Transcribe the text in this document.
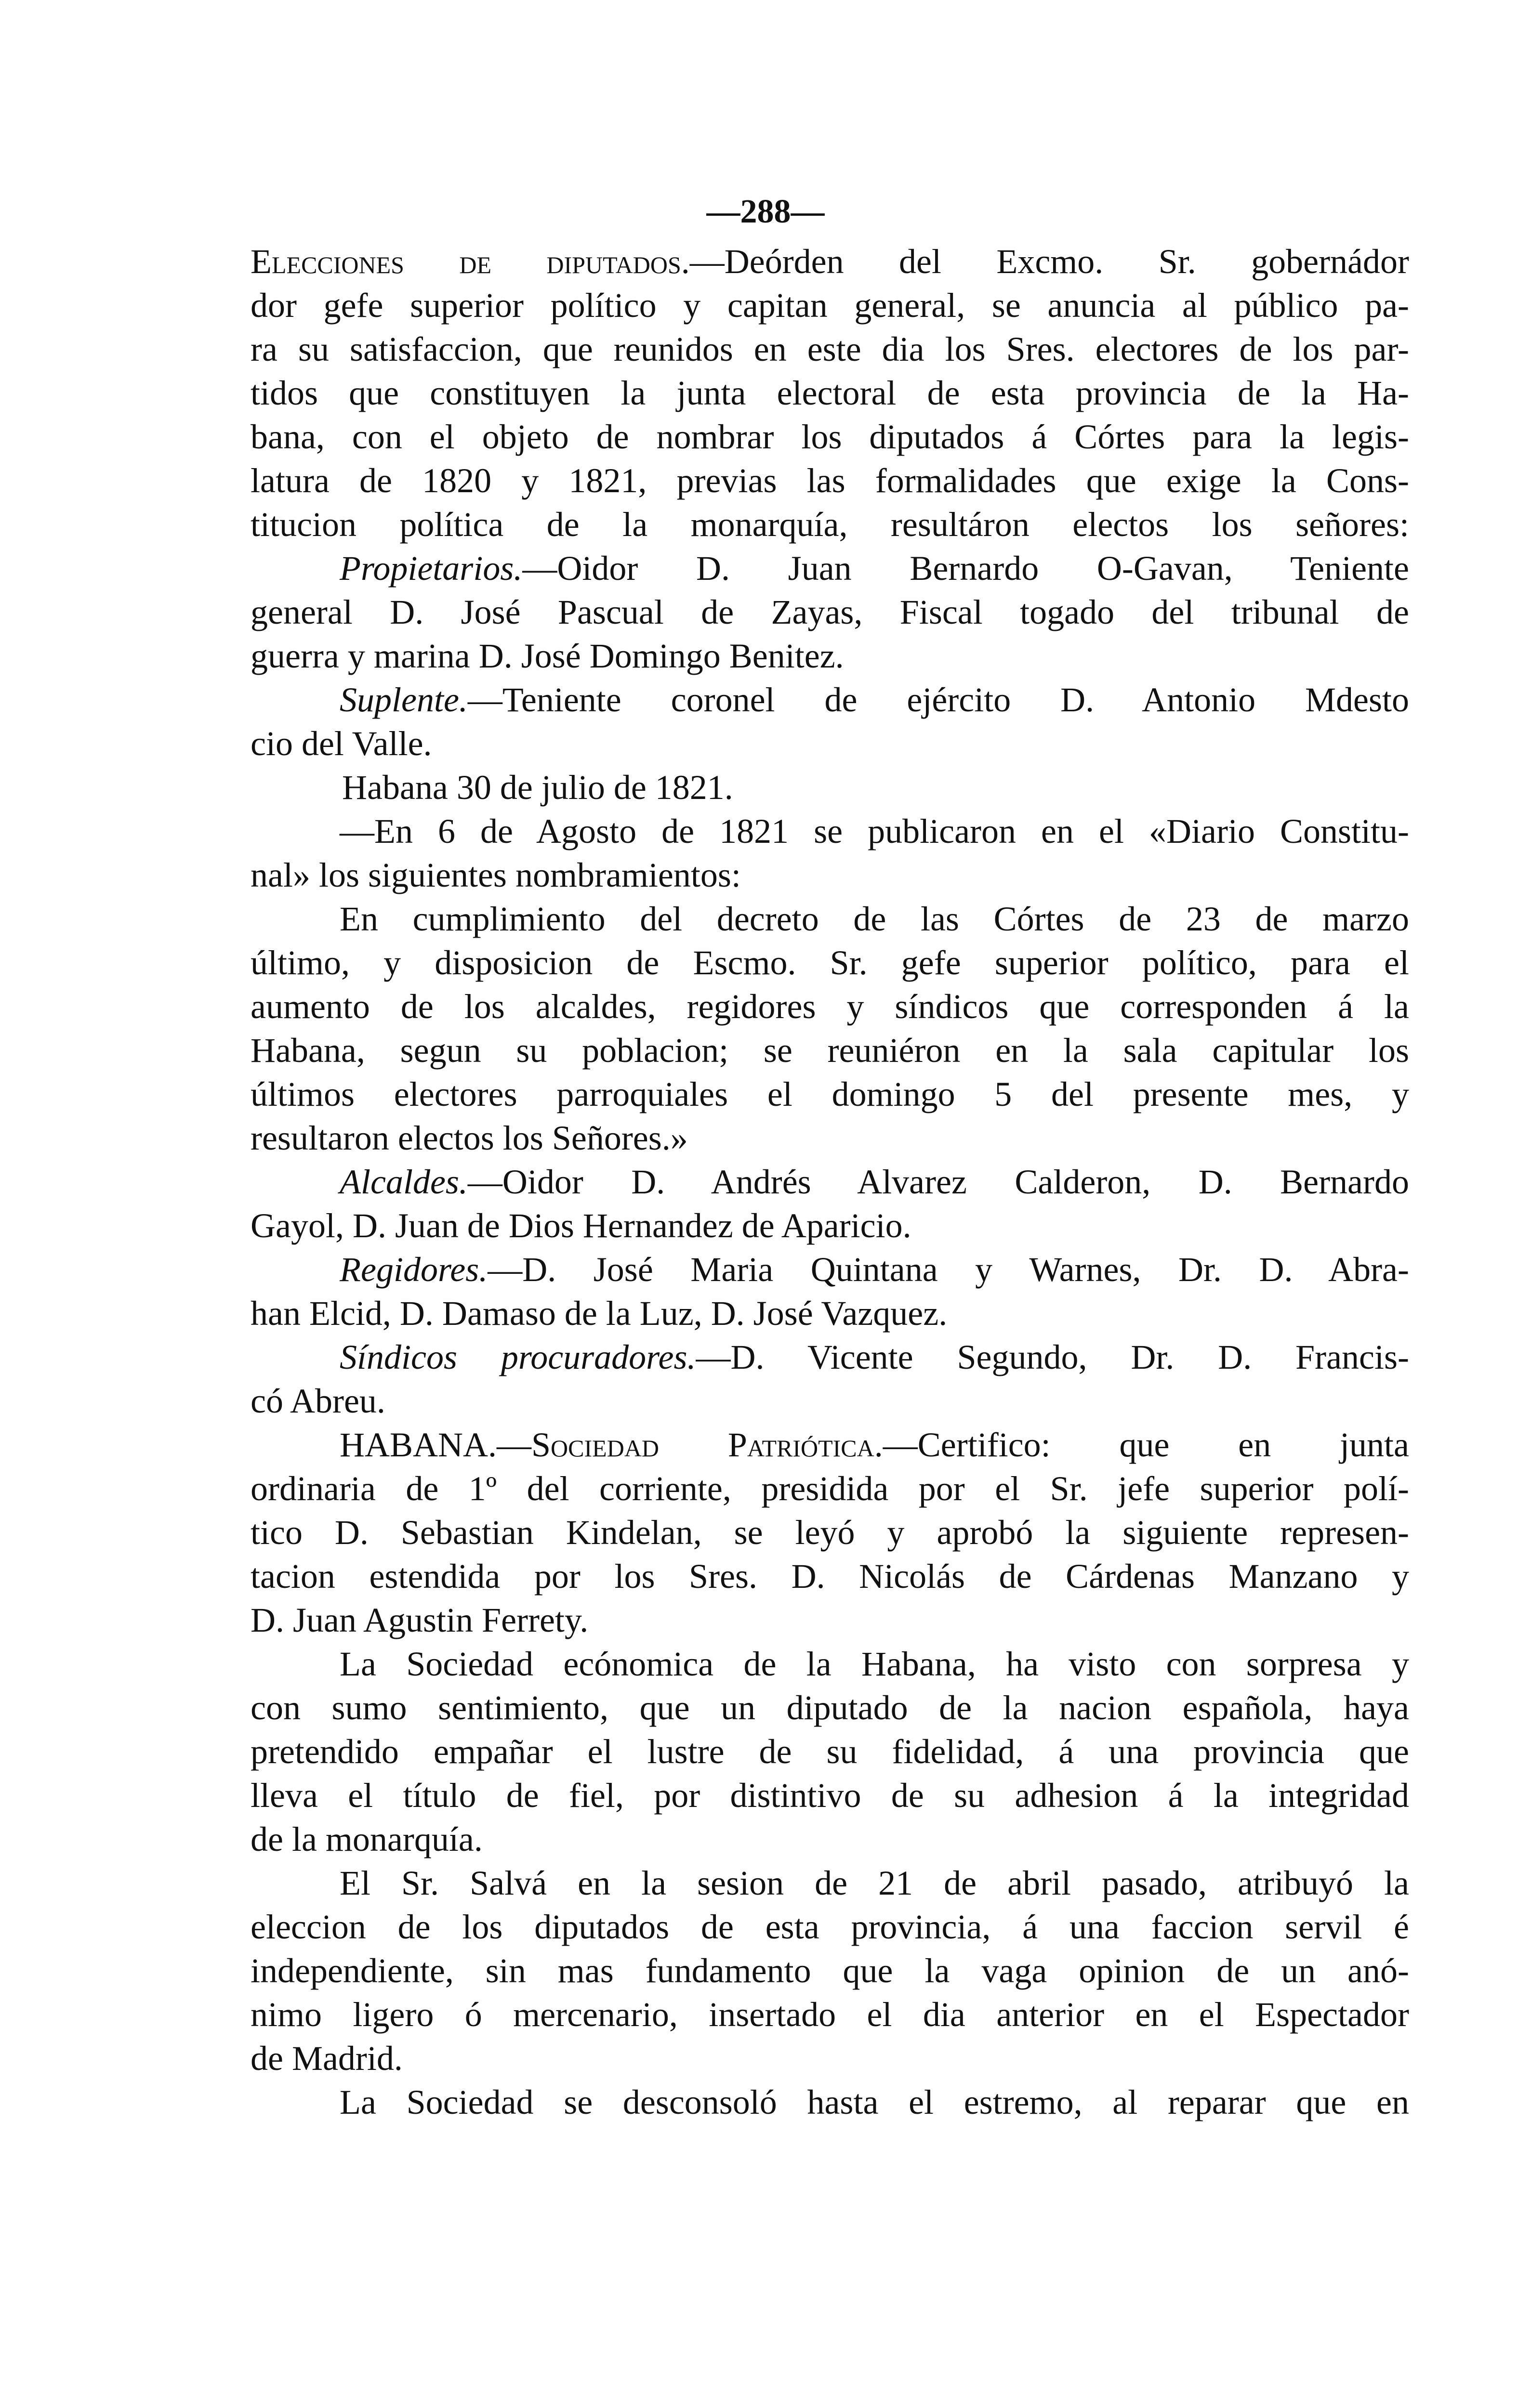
—288—
Elecciones de diputados.—Deórden del Excmo. Sr. gobernádor
dor gefe superior político y capitan general, se anuncia al público pa-
ra su satisfaccion, que reunidos en este dia los Sres. electores de los par-
tidos que constituyen la junta electoral de esta provincia de la Ha-
bana, con el objeto de nombrar los diputados á Córtes para la legis-
latura de 1820 y 1821, previas las formalidades que exige la Cons-
titucion política de la monarquía, resultáron electos los señores:
Propietarios.—Oidor D. Juan Bernardo O-Gavan, Teniente
general D. José Pascual de Zayas, Fiscal togado del tribunal de
guerra y marina D. José Domingo Benitez.
Suplente.—Teniente coronel de ejército D. Antonio Mdesto
cio del Valle.
Habana 30 de julio de 1821.
—En 6 de Agosto de 1821 se publicaron en el «Diario Constitu-
nal» los siguientes nombramientos:
En cumplimiento del decreto de las Córtes de 23 de marzo
último, y disposicion de Escmo. Sr. gefe superior político, para el
aumento de los alcaldes, regidores y síndicos que corresponden á la
Habana, segun su poblacion; se reuniéron en la sala capitular los
últimos electores parroquiales el domingo 5 del presente mes, y
resultaron electos los Señores.»
Alcaldes.—Oidor D. Andrés Alvarez Calderon, D. Bernardo
Gayol, D. Juan de Dios Hernandez de Aparicio.
Regidores.—D. José Maria Quintana y Warnes, Dr. D. Abra-
han Elcid, D. Damaso de la Luz, D. José Vazquez.
Síndicos procuradores.—D. Vicente Segundo, Dr. D. Francis-
có Abreu.
HABANA.—Sociedad Patriótica.—Certifico: que en junta
ordinaria de 1º del corriente, presidida por el Sr. jefe superior polí-
tico D. Sebastian Kindelan, se leyó y aprobó la siguiente represen-
tacion estendida por los Sres. D. Nicolás de Cárdenas Manzano y
D. Juan Agustin Ferrety.
La Sociedad ecónomica de la Habana, ha visto con sorpresa y
con sumo sentimiento, que un diputado de la nacion española, haya
pretendido empañar el lustre de su fidelidad, á una provincia que
lleva el título de fiel, por distintivo de su adhesion á la integridad
de la monarquía.
El Sr. Salvá en la sesion de 21 de abril pasado, atribuyó la
eleccion de los diputados de esta provincia, á una faccion servil é
independiente, sin mas fundamento que la vaga opinion de un anó-
nimo ligero ó mercenario, insertado el dia anterior en el Espectador
de Madrid.
La Sociedad se desconsoló hasta el estremo, al reparar que en
